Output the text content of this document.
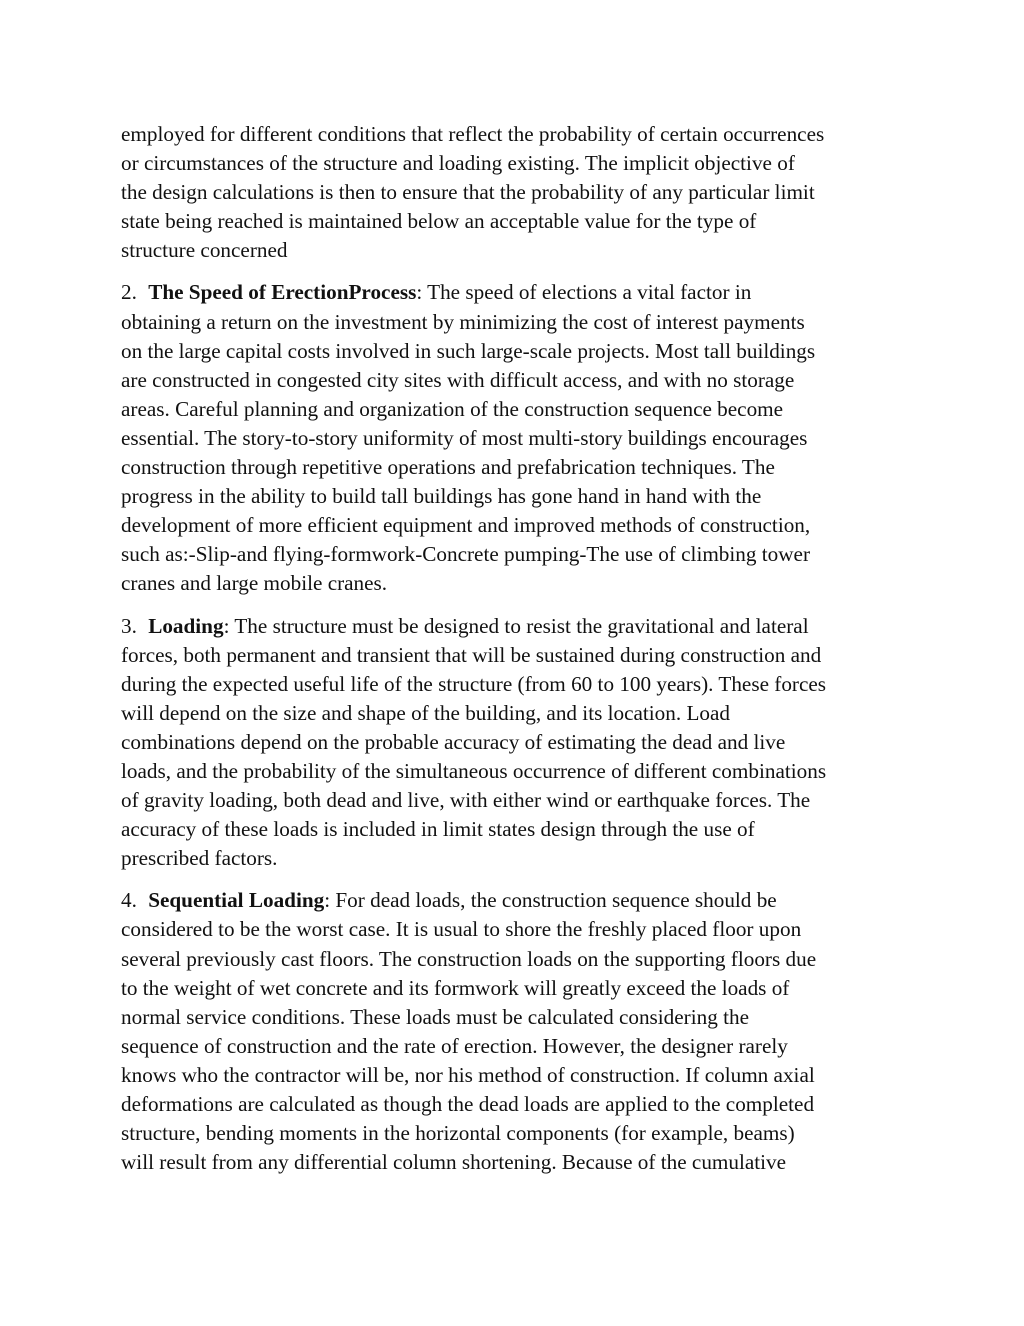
employed for different conditions that reflect the probability of certain occurrences
or circumstances of the structure and loading existing. The implicit objective of
the design calculations is then to ensure that the probability of any particular limit
state being reached is maintained below an acceptable value for the type of
structure concerned
2. The Speed of ErectionProcess: The speed of elections a vital factor in
obtaining a return on the investment by minimizing the cost of interest payments
on the large capital costs involved in such large-scale projects. Most tall buildings
are constructed in congested city sites with difficult access, and with no storage
areas. Careful planning and organization of the construction sequence become
essential. The story-to-story uniformity of most multi-story buildings encourages
construction through repetitive operations and prefabrication techniques. The
progress in the ability to build tall buildings has gone hand in hand with the
development of more efficient equipment and improved methods of construction,
such as:-Slip-and flying-formwork-Concrete pumping-The use of climbing tower
cranes and large mobile cranes.
3. Loading: The structure must be designed to resist the gravitational and lateral
forces, both permanent and transient that will be sustained during construction and
during the expected useful life of the structure (from 60 to 100 years). These forces
will depend on the size and shape of the building, and its location. Load
combinations depend on the probable accuracy of estimating the dead and live
loads, and the probability of the simultaneous occurrence of different combinations
of gravity loading, both dead and live, with either wind or earthquake forces. The
accuracy of these loads is included in limit states design through the use of
prescribed factors.
4. Sequential Loading: For dead loads, the construction sequence should be
considered to be the worst case. It is usual to shore the freshly placed floor upon
several previously cast floors. The construction loads on the supporting floors due
to the weight of wet concrete and its formwork will greatly exceed the loads of
normal service conditions. These loads must be calculated considering the
sequence of construction and the rate of erection. However, the designer rarely
knows who the contractor will be, nor his method of construction. If column axial
deformations are calculated as though the dead loads are applied to the completed
structure, bending moments in the horizontal components (for example, beams)
will result from any differential column shortening. Because of the cumulative
